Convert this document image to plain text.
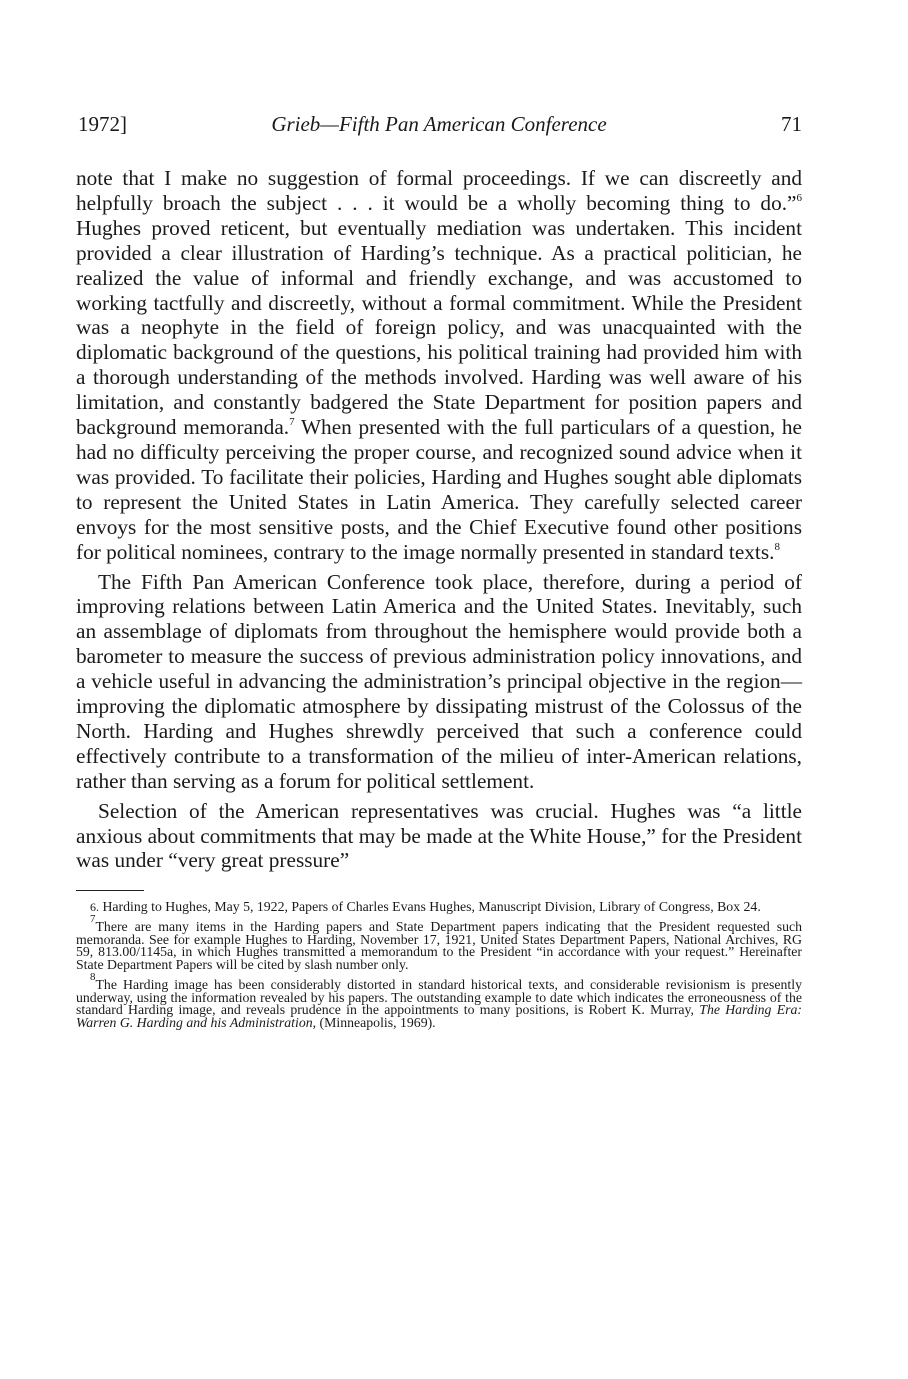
1972]	Grieb—Fifth Pan American Conference	71

note that I make no suggestion of formal proceedings. If we can discreetly and helpfully broach the subject . . . it would be a wholly becoming thing to do.”$^6$ Hughes proved reticent, but eventually mediation was undertaken. This incident provided a clear illustration of Harding’s technique. As a practical politician, he realized the value of informal and friendly exchange, and was accustomed to working tactfully and discreetly, without a formal commitment. While the President was a neophyte in the field of foreign policy, and was unacquainted with the diplomatic background of the questions, his political training had provided him with a thorough understanding of the methods involved. Harding was well aware of his limitation, and constantly badgered the State Department for position papers and background memoranda.$^7$ When presented with the full particulars of a question, he had no difficulty perceiving the proper course, and recognized sound advice when it was provided. To facilitate their policies, Harding and Hughes sought able diplomats to represent the United States in Latin America. They carefully selected career envoys for the most sensitive posts, and the Chief Executive found other positions for political nominees, contrary to the image normally presented in standard texts.$^8$

The Fifth Pan American Conference took place, therefore, during a period of improving relations between Latin America and the United States. Inevitably, such an assemblage of diplomats from throughout the hemisphere would provide both a barometer to measure the success of previous administration policy innovations, and a vehicle useful in advancing the administration’s principal objective in the region—improving the diplomatic atmosphere by dissipating mistrust of the Colossus of the North. Harding and Hughes shrewdly perceived that such a conference could effectively contribute to a transformation of the milieu of inter-American relations, rather than serving as a forum for political settlement.

Selection of the American representatives was crucial. Hughes was “a little anxious about commitments that may be made at the White House,” for the President was under “very great pressure”

6. Harding to Hughes, May 5, 1922, Papers of Charles Evans Hughes, Manuscript Division, Library of Congress, Box 24.

$^7$There are many items in the Harding papers and State Department papers indicating that the President requested such memoranda. See for example Hughes to Harding, November 17, 1921, United States Department Papers, National Archives, RG 59, 813.00/1145a, in which Hughes transmitted a memorandum to the President “in accordance with your request.” Hereinafter State Department Papers will be cited by slash number only.

$^8$The Harding image has been considerably distorted in standard historical texts, and considerable revisionism is presently underway, using the information revealed by his papers. The outstanding example to date which indicates the erroneousness of the standard Harding image, and reveals prudence in the appointments to many positions, is Robert K. Murray, The Harding Era: Warren G. Harding and his Administration, (Minneapolis, 1969).
